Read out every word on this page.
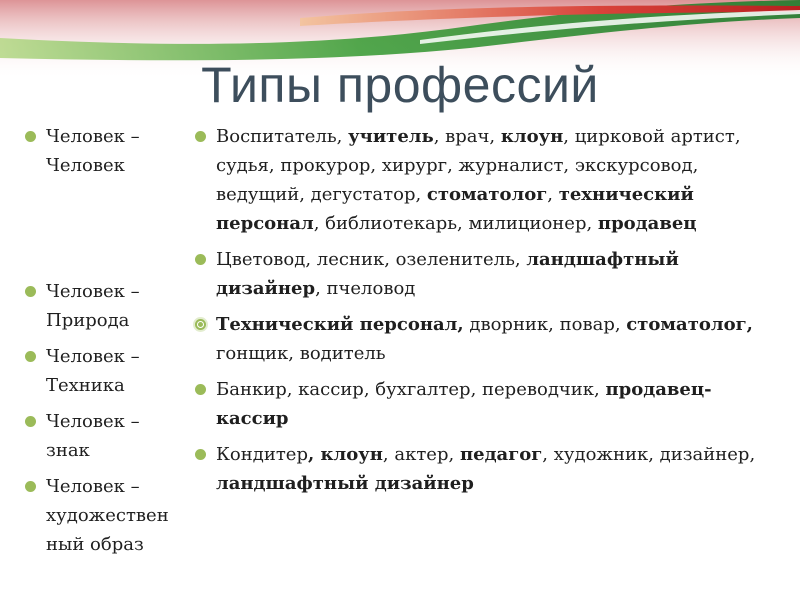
Типы профессий
Человек –
Человек
Человек –
Природа
Человек –
Техника
Человек –
знак
Человек –
художествен
ный образ
Воспитатель, учитель, врач, клоун, цирковой артист, судья, прокурор, хирург, журналист, экскурсовод, ведущий, дегустатор, стоматолог, технический персонал, библиотекарь, милиционер, продавец
Цветовод, лесник, озеленитель, ландшафтный дизайнер, пчеловод
Технический персонал, дворник, повар, стоматолог, гонщик, водитель
Банкир, кассир, бухгалтер, переводчик, продавец-кассир
Кондитер, клоун, актер, педагог, художник, дизайнер, ландшафтный дизайнер
